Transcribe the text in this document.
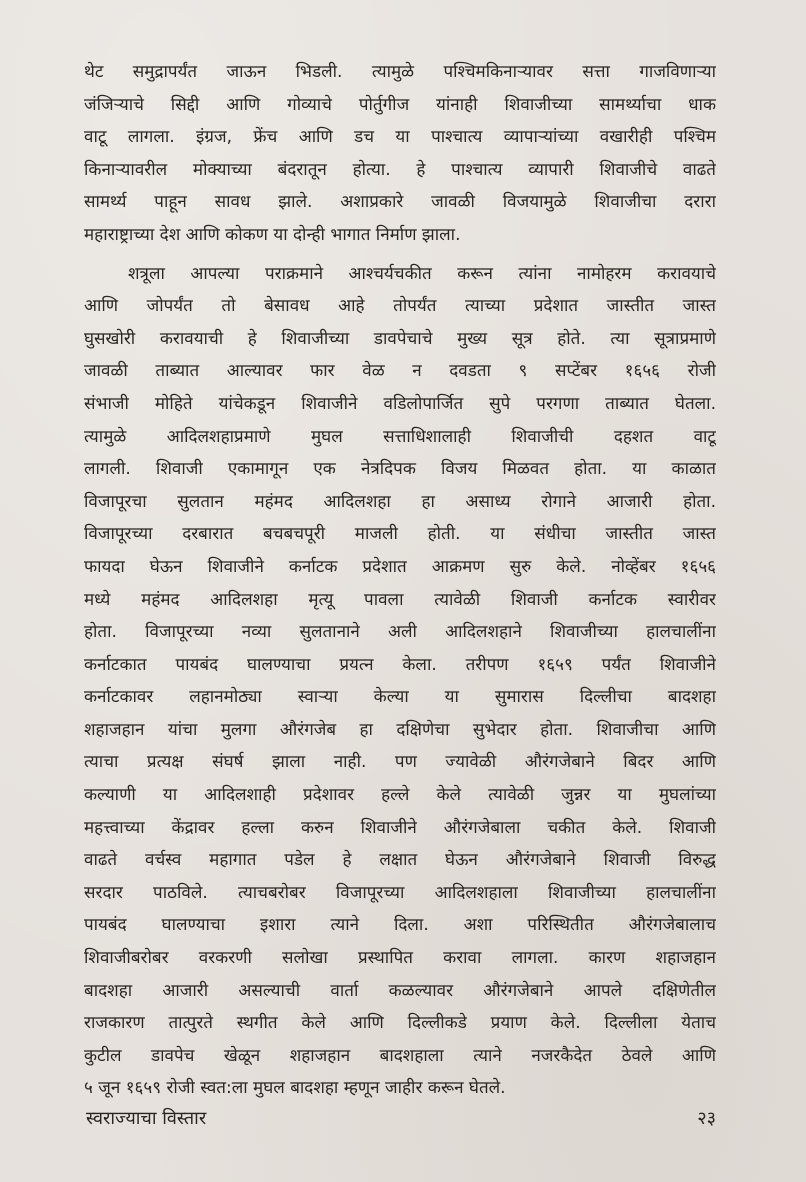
थेट समुद्रापर्यंत जाऊन भिडली. त्यामुळे पश्चिमकिनाऱ्यावर सत्ता गाजविणाऱ्या
जंजिऱ्याचे सिद्दी आणि गोव्याचे पोर्तुगीज यांनाही शिवाजीच्या सामर्थ्याचा धाक
वाटू लागला. इंग्रज, फ्रेंच आणि डच या पाश्चात्य व्यापाऱ्यांच्या वखारीही पश्चिम
किनाऱ्यावरील मोक्याच्या बंदरातून होत्या. हे पाश्चात्य व्यापारी शिवाजीचे वाढते
सामर्थ्य पाहून सावध झाले. अशाप्रकारे जावळी विजयामुळे शिवाजीचा दरारा
महाराष्ट्राच्या देश आणि कोकण या दोन्ही भागात निर्माण झाला.
शत्रूला आपल्या पराक्रमाने आश्चर्यचकीत करून त्यांना नामोहरम करावयाचे
आणि जोपर्यंत तो बेसावध आहे तोपर्यंत त्याच्या प्रदेशात जास्तीत जास्त
घुसखोरी करावयाची हे शिवाजीच्या डावपेचाचे मुख्य सूत्र होते. त्या सूत्राप्रमाणे
जावळी ताब्यात आल्यावर फार वेळ न दवडता ९ सप्टेंबर १६५६ रोजी
संभाजी मोहिते यांचेकडून शिवाजीने वडिलोपार्जित सुपे परगणा ताब्यात घेतला.
त्यामुळे आदिलशहाप्रमाणे मुघल सत्ताधिशालाही शिवाजीची दहशत वाटू
लागली. शिवाजी एकामागून एक नेत्रदिपक विजय मिळवत होता. या काळात
विजापूरचा सुलतान महंमद आदिलशहा हा असाध्य रोगाने आजारी होता.
विजापूरच्या दरबारात बचबचपूरी माजली होती. या संधीचा जास्तीत जास्त
फायदा घेऊन शिवाजीने कर्नाटक प्रदेशात आक्रमण सुरु केले. नोव्हेंबर १६५६
मध्ये महंमद आदिलशहा मृत्यू पावला त्यावेळी शिवाजी कर्नाटक स्वारीवर
होता. विजापूरच्या नव्या सुलतानाने अली आदिलशहाने शिवाजीच्या हालचालींना
कर्नाटकात पायबंद घालण्याचा प्रयत्न केला. तरीपण १६५९ पर्यंत शिवाजीने
कर्नाटकावर लहानमोठ्या स्वाऱ्या केल्या या सुमारास दिल्लीचा बादशहा
शहाजहान यांचा मुलगा औरंगजेब हा दक्षिणेचा सुभेदार होता. शिवाजीचा आणि
त्याचा प्रत्यक्ष संघर्ष झाला नाही. पण ज्यावेळी औरंगजेबाने बिदर आणि
कल्याणी या आदिलशाही प्रदेशावर हल्ले केले त्यावेळी जुन्नर या मुघलांच्या
महत्त्वाच्या केंद्रावर हल्ला करुन शिवाजीने औरंगजेबाला चकीत केले. शिवाजी
वाढते वर्चस्व महागात पडेल हे लक्षात घेऊन औरंगजेबाने शिवाजी विरुद्ध
सरदार पाठविले. त्याचबरोबर विजापूरच्या आदिलशहाला शिवाजीच्या हालचालींना
पायबंद घालण्याचा इशारा त्याने दिला. अशा परिस्थितीत औरंगजेबालाच
शिवाजीबरोबर वरकरणी सलोखा प्रस्थापित करावा लागला. कारण शहाजहान
बादशहा आजारी असल्याची वार्ता कळल्यावर औरंगजेबाने आपले दक्षिणेतील
राजकारण तात्पुरते स्थगीत केले आणि दिल्लीकडे प्रयाण केले. दिल्लीला येताच
कुटील डावपेच खेळून शहाजहान बादशहाला त्याने नजरकैदेत ठेवले आणि
५ जून १६५९ रोजी स्वत:ला मुघल बादशहा म्हणून जाहीर करून घेतले.
स्वराज्याचा विस्तार	२३
